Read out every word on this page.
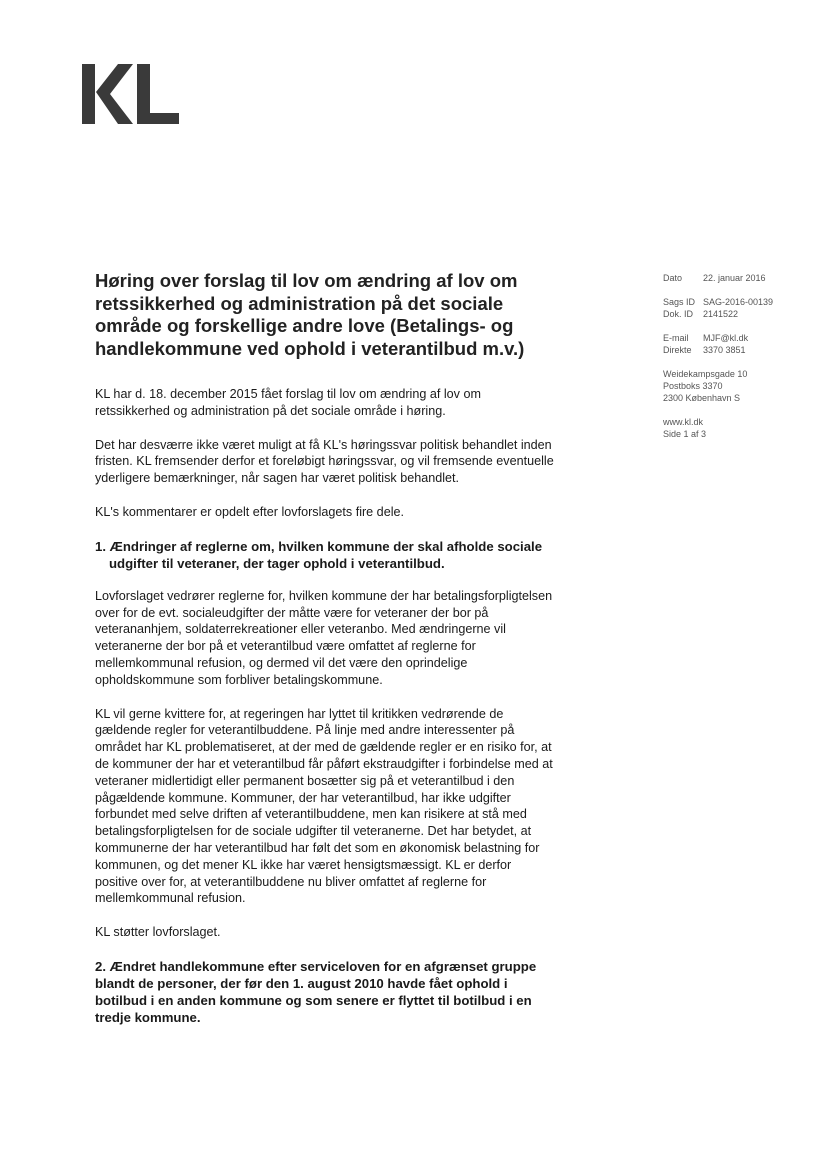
Høring over forslag til lov om ændring af lov om retssikkerhed og administration på det sociale område og forskellige andre love (Betalings- og handlekommune ved ophold i veterantilbud m.v.)

KL har d. 18. december 2015 fået forslag til lov om ændring af lov om retssikkerhed og administration på det sociale område i høring.

Det har desværre ikke været muligt at få KL's høringssvar politisk behandlet inden fristen. KL fremsender derfor et foreløbigt høringssvar, og vil fremsende eventuelle yderligere bemærkninger, når sagen har været politisk behandlet.

KL's kommentarer er opdelt efter lovforslagets fire dele.

1. Ændringer af reglerne om, hvilken kommune der skal afholde sociale udgifter til veteraner, der tager ophold i veterantilbud.

Lovforslaget vedrører reglerne for, hvilken kommune der har betalingsforpligtelsen over for de evt. socialeudgifter der måtte være for veteraner der bor på veterananhjem, soldaterrekreationer eller veteranbo. Med ændringerne vil veteranerne der bor på et veterantilbud være omfattet af reglerne for mellemkommunal refusion, og dermed vil det være den oprindelige opholdskommune som forbliver betalingskommune.

KL vil gerne kvittere for, at regeringen har lyttet til kritikken vedrørende de gældende regler for veterantilbuddene. På linje med andre interessenter på området har KL problematiseret, at der med de gældende regler er en risiko for, at de kommuner der har et veterantilbud får påført ekstraudgifter i forbindelse med at veteraner midlertidigt eller permanent bosætter sig på et veterantilbud i den pågældende kommune. Kommuner, der har veterantilbud, har ikke udgifter forbundet med selve driften af veterantilbuddene, men kan risikere at stå med betalingsforpligtelsen for de sociale udgifter til veteranerne. Det har betydet, at kommunerne der har veterantilbud har følt det som en økonomisk belastning for kommunen, og det mener KL ikke har været hensigtsmæssigt. KL er derfor positive over for, at veterantilbuddene nu bliver omfattet af reglerne for mellemkommunal refusion.

KL støtter lovforslaget.

2. Ændret handlekommune efter serviceloven for en afgrænset gruppe blandt de personer, der før den 1. august 2010 havde fået ophold i botilbud i en anden kommune og som senere er flyttet til botilbud i en tredje kommune.
Dato 22. januar 2016
Sags ID SAG-2016-00139
Dok. ID 2141522
E-mail MJF@kl.dk
Direkte 3370 3851
Weidekampsgade 10
Postboks 3370
2300 København S
www.kl.dk
Side 1 af 3
